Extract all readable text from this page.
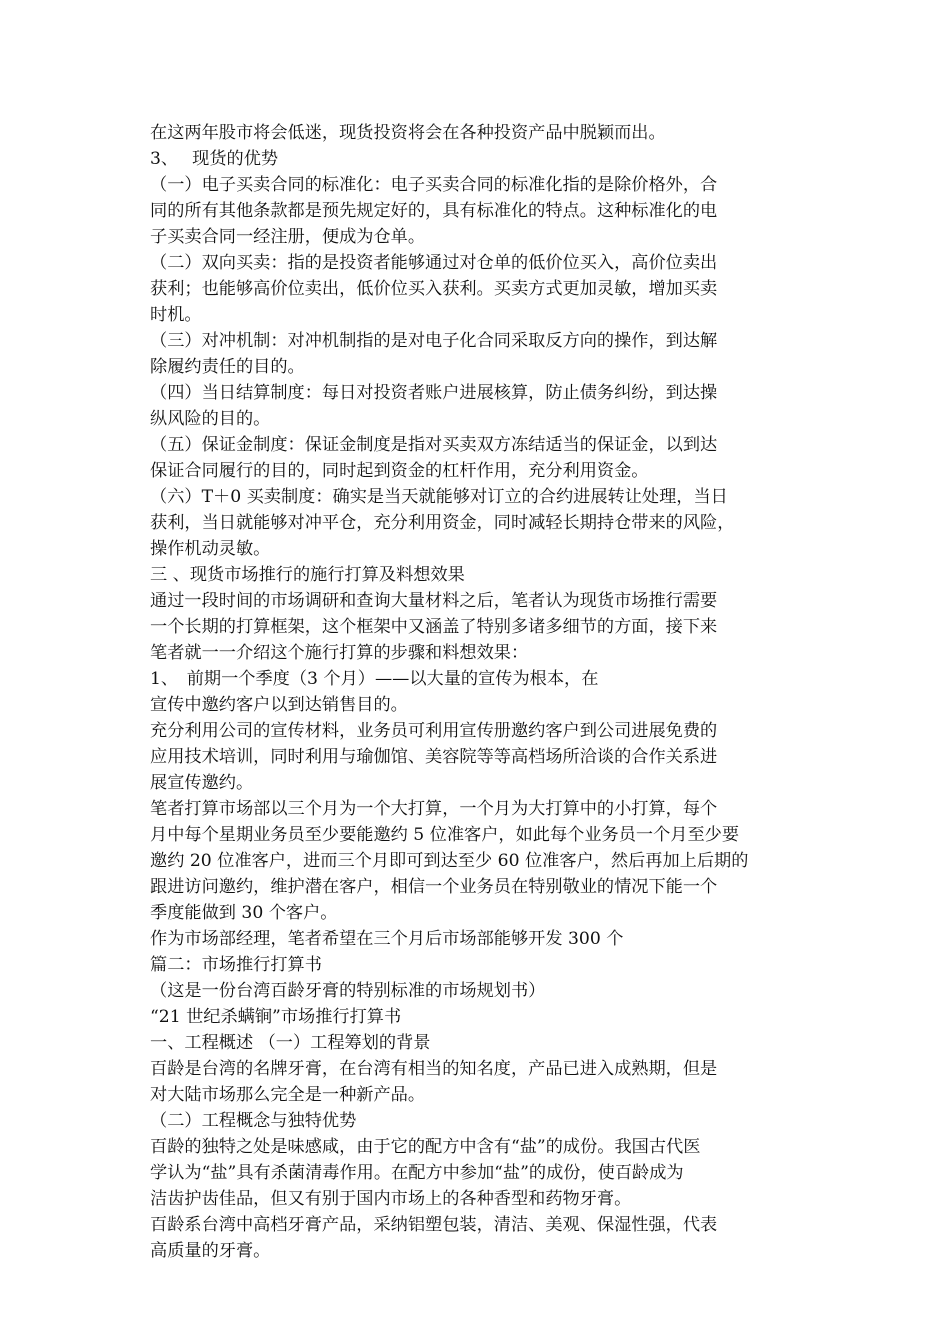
在这两年股市将会低迷，现货投资将会在各种投资产品中脱颖而出。
3、　 现货的优势
（一）电子买卖合同的标准化：电子买卖合同的标准化指的是除价格外，合
同的所有其他条款都是预先规定好的，具有标准化的特点。这种标准化的电
子买卖合同一经注册，便成为仓单。
（二）双向买卖：指的是投资者能够通过对仓单的低价位买入，高价位卖出
获利；也能够高价位卖出，低价位买入获利。买卖方式更加灵敏，增加买卖
时机。
（三）对冲机制：对冲机制指的是对电子化合同采取反方向的操作，到达解
除履约责任的目的。
（四）当日结算制度：每日对投资者账户进展核算，防止债务纠纷，到达操
纵风险的目的。
（五）保证金制度：保证金制度是指对买卖双方冻结适当的保证金，以到达
保证合同履行的目的，同时起到资金的杠杆作用，充分利用资金。
（六）T＋0 买卖制度：确实是当天就能够对订立的合约进展转让处理，当日
获利，当日就能够对冲平仓，充分利用资金，同时减轻长期持仓带来的风险，
操作机动灵敏。
三 、现货市场推行的施行打算及料想效果
通过一段时间的市场调研和查询大量材料之后，笔者认为现货市场推行需要
一个长期的打算框架，这个框架中又涵盖了特别多诸多细节的方面，接下来
笔者就一一介绍这个施行打算的步骤和料想效果：
1、　前期一个季度（3 个月）——以大量的宣传为根本，在
宣传中邀约客户以到达销售目的。
充分利用公司的宣传材料，业务员可利用宣传册邀约客户到公司进展免费的
应用技术培训，同时利用与瑜伽馆、美容院等等高档场所洽谈的合作关系进
展宣传邀约。
笔者打算市场部以三个月为一个大打算，一个月为大打算中的小打算，每个
月中每个星期业务员至少要能邀约 5 位准客户，如此每个业务员一个月至少要
邀约 20 位准客户，进而三个月即可到达至少 60 位准客户，然后再加上后期的
跟进访问邀约，维护潜在客户，相信一个业务员在特别敬业的情况下能一个
季度能做到 30 个客户。
作为市场部经理，笔者希望在三个月后市场部能够开发 300 个
篇二：市场推行打算书
（这是一份台湾百龄牙膏的特别标准的市场规划书）
“21 世纪杀螨锏”市场推行打算书
一、工程概述 （一）工程筹划的背景
百龄是台湾的名牌牙膏，在台湾有相当的知名度，产品已进入成熟期，但是
对大陆市场那么完全是一种新产品。
（二）工程概念与独特优势
百龄的独特之处是味感咸，由于它的配方中含有“盐”的成份。我国古代医
学认为“盐”具有杀菌清毒作用。在配方中参加“盐”的成份，使百龄成为
洁齿护齿佳品，但又有别于国内市场上的各种香型和药物牙膏。
百龄系台湾中高档牙膏产品，采纳铝塑包装，清洁、美观、保湿性强，代表
高质量的牙膏。
